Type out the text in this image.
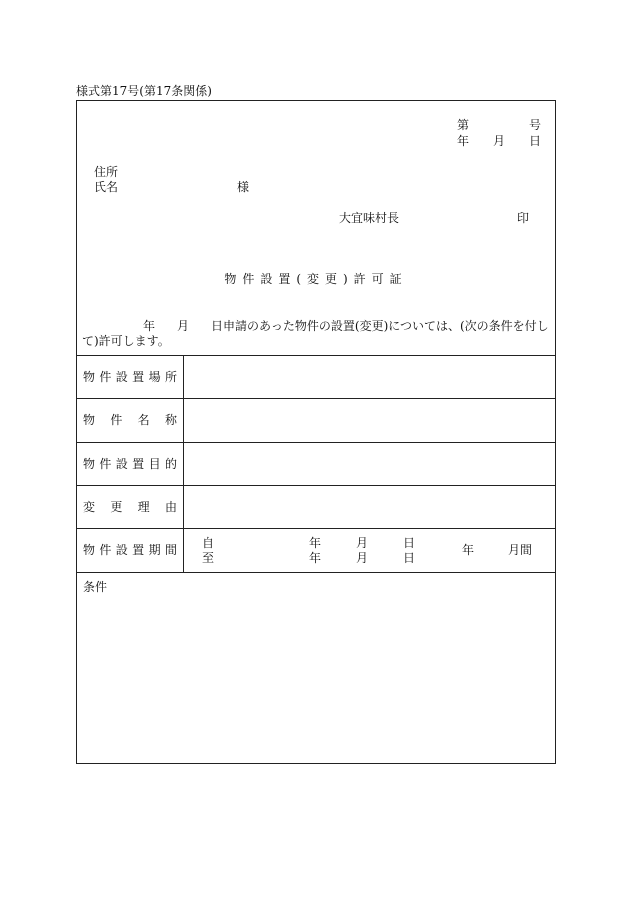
様式第17号(第17条関係)
第	号
年 月 日
住所
氏名	様
大宜味村長	印
物件設置(変更)許可証
年 月 日申請のあった物件の設置(変更)については、(次の条件を付し
て)許可します。
物 件 設 置 場 所
物 件 名 称
物 件 設 置 目 的
変 更 理 由
物 件 設 置 期 間 自	年	月	日
至	年	月	日
年	月間
条件
